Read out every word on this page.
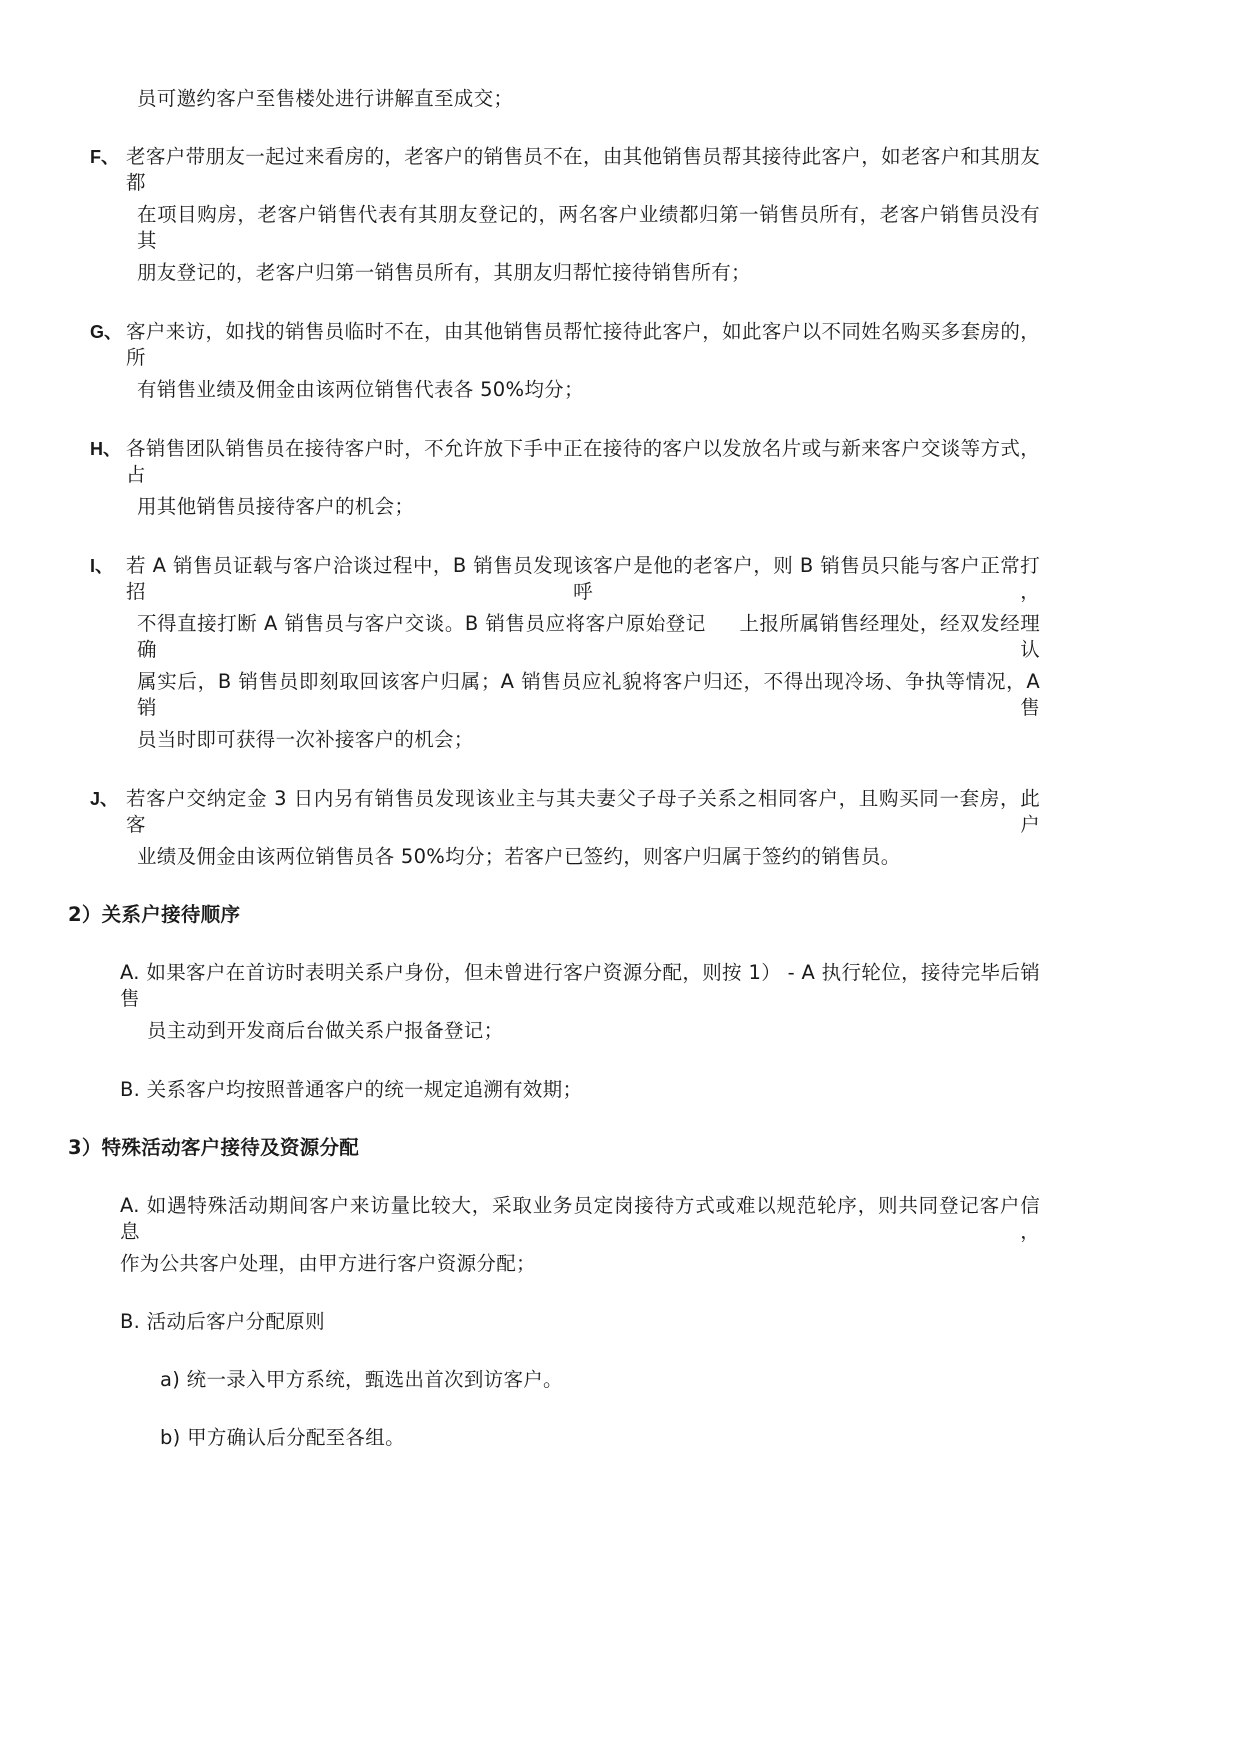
员可邀约客户至售楼处进行讲解直至成交；
F、 老客户带朋友一起过来看房的，老客户的销售员不在，由其他销售员帮其接待此客户，如老客户和其朋友都
在项目购房，老客户销售代表有其朋友登记的，两名客户业绩都归第一销售员所有，老客户销售员没有其
朋友登记的，老客户归第一销售员所有，其朋友归帮忙接待销售所有；
G、 客户来访，如找的销售员临时不在，由其他销售员帮忙接待此客户，如此客户以不同姓名购买多套房的，所
有销售业绩及佣金由该两位销售代表各 50%均分；
H、 各销售团队销售员在接待客户时，不允许放下手中正在接待的客户以发放名片或与新来客户交谈等方式，占
用其他销售员接待客户的机会；
I、 若 A 销售员证载与客户洽谈过程中，B 销售员发现该客户是他的老客户，则 B 销售员只能与客户正常打招呼，
不得直接打断 A 销售员与客户交谈。B 销售员应将客户原始登记 　 上报所属销售经理处，经双发经理确认
属实后，B 销售员即刻取回该客户归属；A 销售员应礼貌将客户归还，不得出现冷场、争执等情况，A 销售
员当时即可获得一次补接客户的机会；
J、 若客户交纳定金 3 日内另有销售员发现该业主与其夫妻父子母子关系之相同客户，且购买同一套房，此客户
业绩及佣金由该两位销售员各 50%均分；若客户已签约，则客户归属于签约的销售员。
2）关系户接待顺序
A. 如果客户在首访时表明关系户身份，但未曾进行客户资源分配，则按 1） - A 执行轮位，接待完毕后销售
员主动到开发商后台做关系户报备登记；
B. 关系客户均按照普通客户的统一规定追溯有效期；
3）特殊活动客户接待及资源分配
A. 如遇特殊活动期间客户来访量比较大，采取业务员定岗接待方式或难以规范轮序，则共同登记客户信息，
作为公共客户处理，由甲方进行客户资源分配；
B. 活动后客户分配原则
a) 统一录入甲方系统，甄选出首次到访客户。
b) 甲方确认后分配至各组。
